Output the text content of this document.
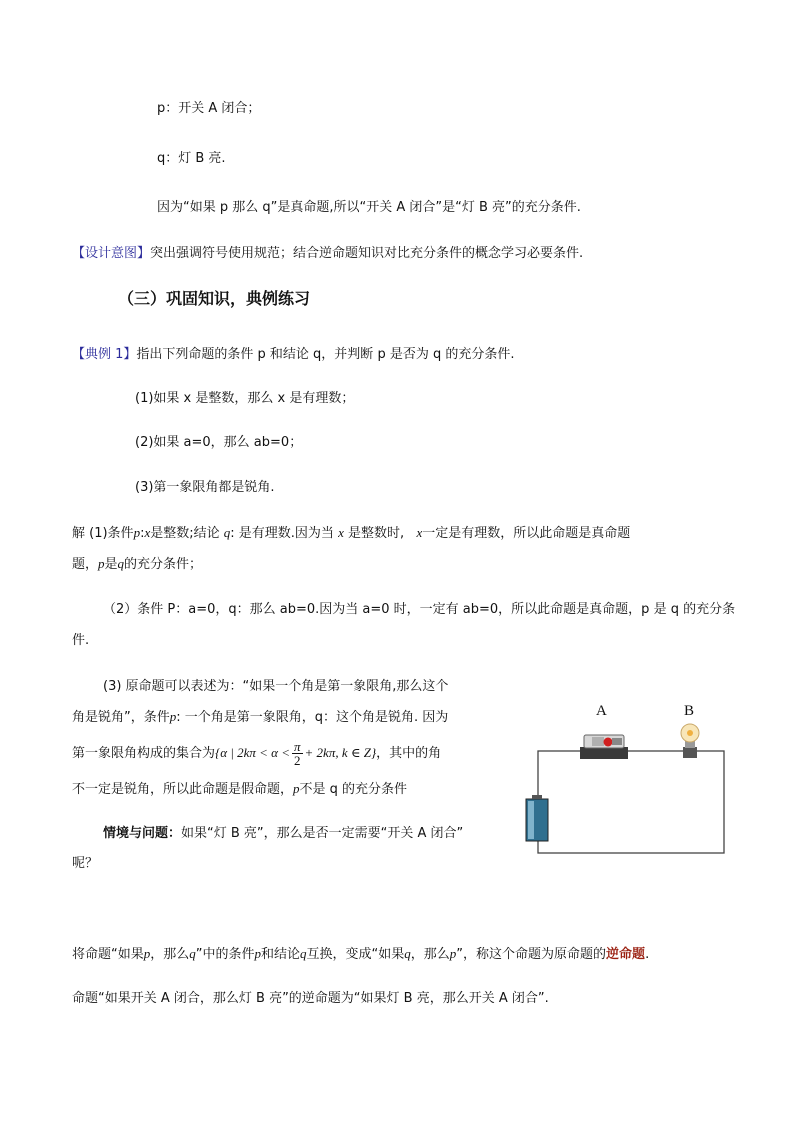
p：开关 A 闭合；
q：灯 B 亮.
因为“如果 p 那么 q”是真命题,所以“开关 A 闭合”是“灯 B 亮”的充分条件.
【设计意图】突出强调符号使用规范；结合逆命题知识对比充分条件的概念学习必要条件.
（三）巩固知识，典例练习
【典例 1】指出下列命题的条件 p 和结论 q，并判断 p 是否为 q 的充分条件.
(1)如果 x 是整数，那么 x 是有理数；
(2)如果 a=0，那么 ab=0；
(3)第一象限角都是锐角.
解 (1)条件p:x是整数;结论 q: 是有理数.因为当 x 是整数时, x一定是有理数，所以此命题是真命题
题，p是q的充分条件；
（2）条件 P：a=0，q：那么 ab=0.因为当 a=0 时，一定有 ab=0，所以此命题是真命题，p 是 q 的充分条
件.
(3) 原命题可以表述为：“如果一个角是第一象限角,那么这个
角是锐角”，条件p: 一个角是第一象限角，q：这个角是锐角. 因为
第一象限角构成的集合为{α | $2k\pi < \alpha < \frac{\pi}{2} + 2k\pi$, k ∈ Z}，其中的角
不一定是锐角，所以此命题是假命题，p不是 q 的充分条件
情境与问题：如果“灯 B 亮”，那么是否一定需要“开关 A 闭合”
呢？
将命题“如果p，那么q”中的条件p和结论q互换，变成“如果q，那么p”，称这个命题为原命题的逆命题.
命题“如果开关 A 闭合，那么灯 B 亮”的逆命题为“如果灯 B 亮，那么开关 A 闭合”.
A	B
